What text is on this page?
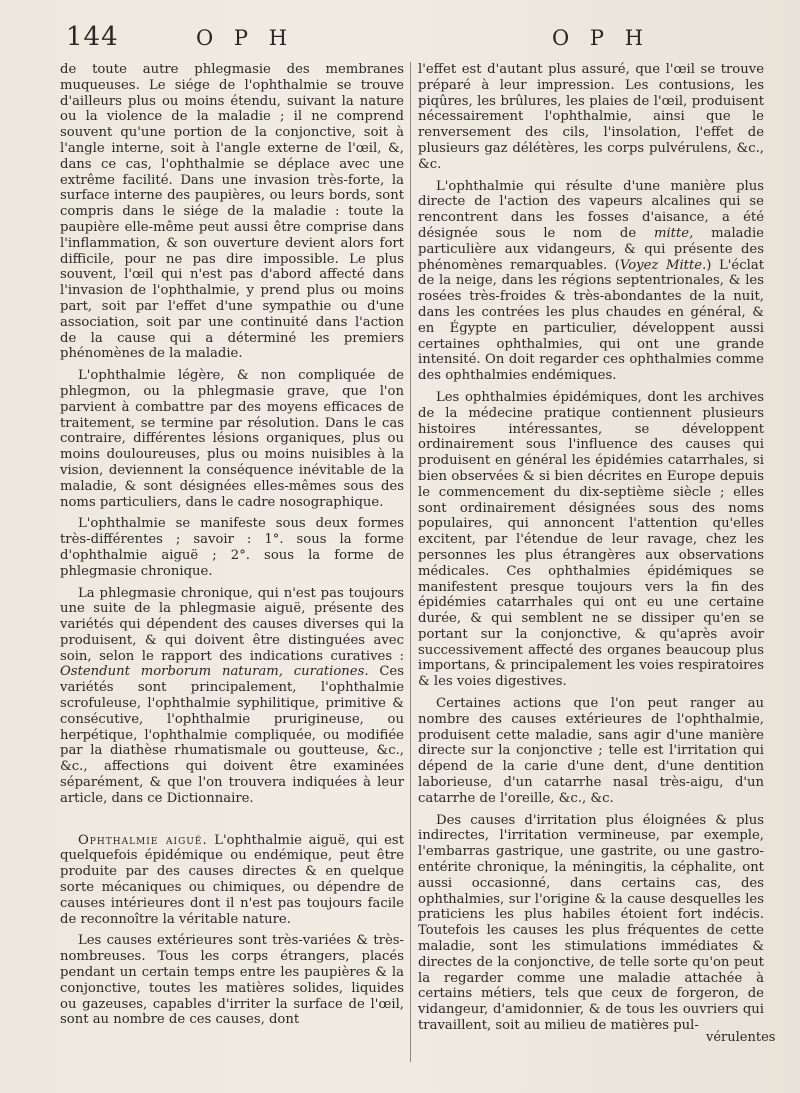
144	O P H	O P H

de toute autre phlegmasie des membranes muqueuses. Le siége de l'ophthalmie se trouve d'ailleurs plus ou moins étendu, suivant la nature ou la violence de la maladie ; il ne comprend souvent qu'une portion de la conjonctive, soit à l'angle interne, soit à l'angle externe de l'œil, &, dans ce cas, l'ophthalmie se déplace avec une extrême facilité. Dans une invasion très-forte, la surface interne des paupières, ou leurs bords, sont compris dans le siége de la maladie : toute la paupière elle-même peut aussi être comprise dans l'inflammation, & son ouverture devient alors fort difficile, pour ne pas dire impossible. Le plus souvent, l'œil qui n'est pas d'abord affecté dans l'invasion de l'ophthalmie, y prend plus ou moins part, soit par l'effet d'une sympathie ou d'une association, soit par une continuité dans l'action de la cause qui a déterminé les premiers phénomènes de la maladie.

L'ophthalmie légère, & non compliquée de phlegmon, ou la phlegmasie grave, que l'on parvient à combattre par des moyens efficaces de traitement, se termine par résolution. Dans le cas contraire, différentes lésions organiques, plus ou moins douloureuses, plus ou moins nuisibles à la vision, deviennent la conséquence inévitable de la maladie, & sont désignées elles-mêmes sous des noms particuliers, dans le cadre nosographique.

L'ophthalmie se manifeste sous deux formes très-différentes ; savoir : 1°. sous la forme d'ophthalmie aiguë ; 2°. sous la forme de phlegmasie chronique.

La phlegmasie chronique, qui n'est pas toujours une suite de la phlegmasie aiguë, présente des variétés qui dépendent des causes diverses qui la produisent, & qui doivent être distinguées avec soin, selon le rapport des indications curatives : Ostendunt morborum naturam, curationes. Ces variétés sont principalement, l'ophthalmie scrofuleuse, l'ophthalmie syphilitique, primitive & consécutive, l'ophthalmie prurigineuse, ou herpétique, l'ophthalmie compliquée, ou modifiée par la diathèse rhumatismale ou goutteuse, &c., &c., affections qui doivent être examinées séparément, & que l'on trouvera indiquées à leur article, dans ce Dictionnaire.

Ophthalmie aiguë. L'ophthalmie aiguë, qui est quelquefois épidémique ou endémique, peut être produite par des causes directes & en quelque sorte mécaniques ou chimiques, ou dépendre de causes intérieures dont il n'est pas toujours facile de reconnoître la véritable nature.

Les causes extérieures sont très-variées & très-nombreuses. Tous les corps étrangers, placés pendant un certain temps entre les paupières & la conjonctive, toutes les matières solides, liquides ou gazeuses, capables d'irriter la surface de l'œil, sont au nombre de ces causes, dont

l'effet est d'autant plus assuré, que l'œil se trouve préparé à leur impression. Les contusions, les piqûres, les brûlures, les plaies de l'œil, produisent nécessairement l'ophthalmie, ainsi que le renversement des cils, l'insolation, l'effet de plusieurs gaz délétères, les corps pulvérulens, &c., &c.

L'ophthalmie qui résulte d'une manière plus directe de l'action des vapeurs alcalines qui se rencontrent dans les fosses d'aisance, a été désignée sous le nom de mitte, maladie particulière aux vidangeurs, & qui présente des phénomènes remarquables. (Voyez Mitte.) L'éclat de la neige, dans les régions septentrionales, & les rosées très-froides & très-abondantes de la nuit, dans les contrées les plus chaudes en général, & en Égypte en particulier, développent aussi certaines ophthalmies, qui ont une grande intensité. On doit regarder ces ophthalmies comme des ophthalmies endémiques.

Les ophthalmies épidémiques, dont les archives de la médecine pratique contiennent plusieurs histoires intéressantes, se développent ordinairement sous l'influence des causes qui produisent en général les épidémies catarrhales, si bien observées & si bien décrites en Europe depuis le commencement du dix-septième siècle ; elles sont ordinairement désignées sous des noms populaires, qui annoncent l'attention qu'elles excitent, par l'étendue de leur ravage, chez les personnes les plus étrangères aux observations médicales. Ces ophthalmies épidémiques se manifestent presque toujours vers la fin des épidémies catarrhales qui ont eu une certaine durée, & qui semblent ne se dissiper qu'en se portant sur la conjonctive, & qu'après avoir successivement affecté des organes beaucoup plus importans, & principalement les voies respiratoires & les voies digestives.

Certaines actions que l'on peut ranger au nombre des causes extérieures de l'ophthalmie, produisent cette maladie, sans agir d'une manière directe sur la conjonctive ; telle est l'irritation qui dépend de la carie d'une dent, d'une dentition laborieuse, d'un catarrhe nasal très-aigu, d'un catarrhe de l'oreille, &c., &c.

Des causes d'irritation plus éloignées & plus indirectes, l'irritation vermineuse, par exemple, l'embarras gastrique, une gastrite, ou une gastro-entérite chronique, la méningitis, la céphalite, ont aussi occasionné, dans certains cas, des ophthalmies, sur l'origine & la cause desquelles les praticiens les plus habiles étoient fort indécis. Toutefois les causes les plus fréquentes de cette maladie, sont les stimulations immédiates & directes de la conjonctive, de telle sorte qu'on peut la regarder comme une maladie attachée à certains métiers, tels que ceux de forgeron, de vidangeur, d'amidonnier, & de tous les ouvriers qui travaillent, soit au milieu de matières pul-

vérulentes
